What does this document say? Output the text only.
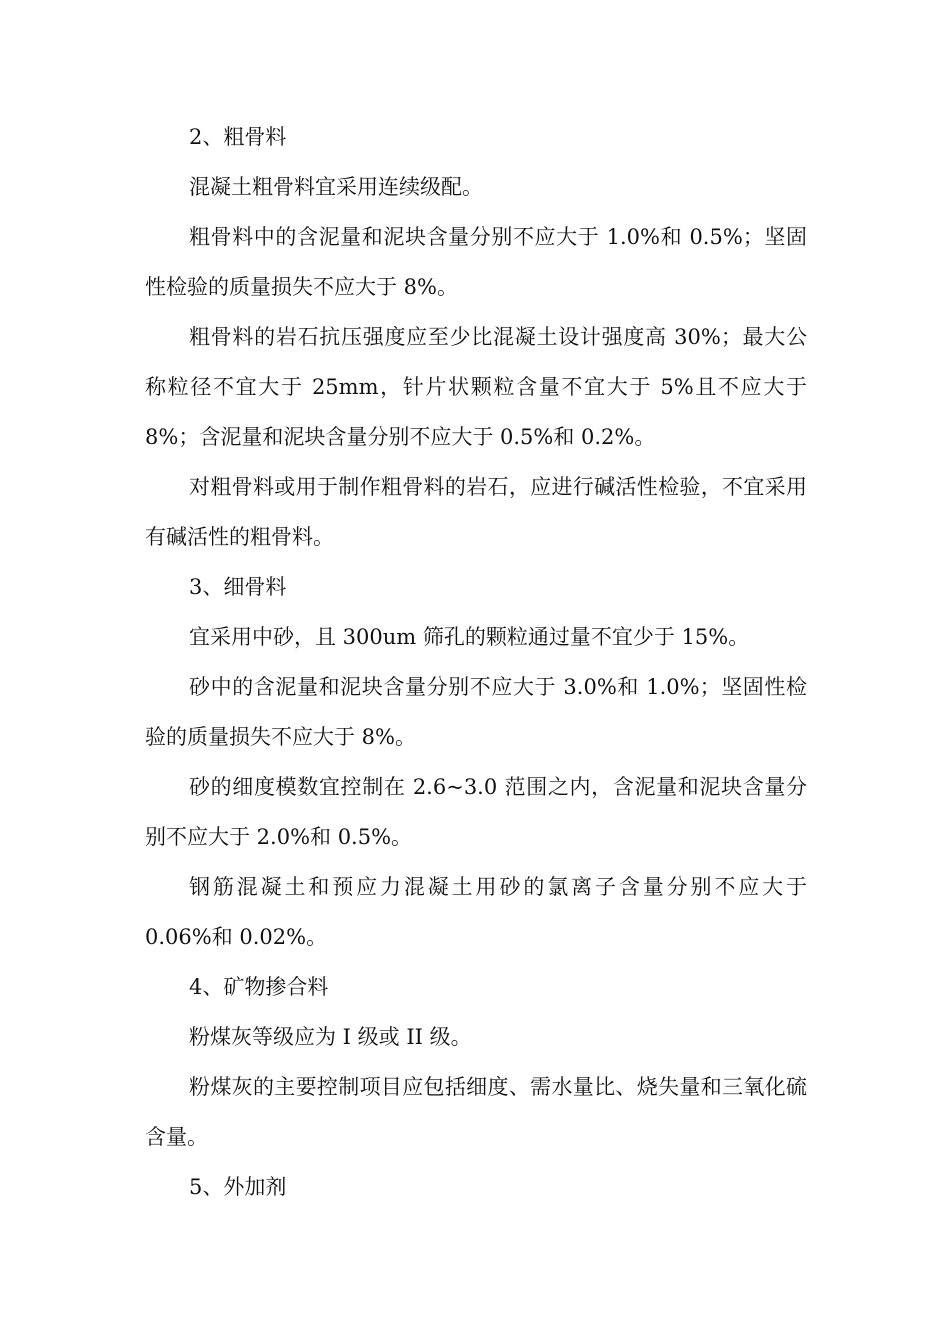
2、粗骨料

混凝土粗骨料宜采用连续级配。

粗骨料中的含泥量和泥块含量分别不应大于 1.0%和 0.5%；坚固性检验的质量损失不应大于 8%。

粗骨料的岩石抗压强度应至少比混凝土设计强度高 30%；最大公称粒径不宜大于 25mm，针片状颗粒含量不宜大于 5%且不应大于 8%；含泥量和泥块含量分别不应大于 0.5%和 0.2%。

对粗骨料或用于制作粗骨料的岩石，应进行碱活性检验，不宜采用有碱活性的粗骨料。

3、细骨料

宜采用中砂，且 300um 筛孔的颗粒通过量不宜少于 15%。

砂中的含泥量和泥块含量分别不应大于 3.0%和 1.0%；坚固性检验的质量损失不应大于 8%。

砂的细度模数宜控制在 2.6~3.0 范围之内，含泥量和泥块含量分别不应大于 2.0%和 0.5%。

钢筋混凝土和预应力混凝土用砂的氯离子含量分别不应大于 0.06%和 0.02%。

4、矿物掺合料

粉煤灰等级应为 I 级或 II 级。

粉煤灰的主要控制项目应包括细度、需水量比、烧失量和三氧化硫含量。

5、外加剂
